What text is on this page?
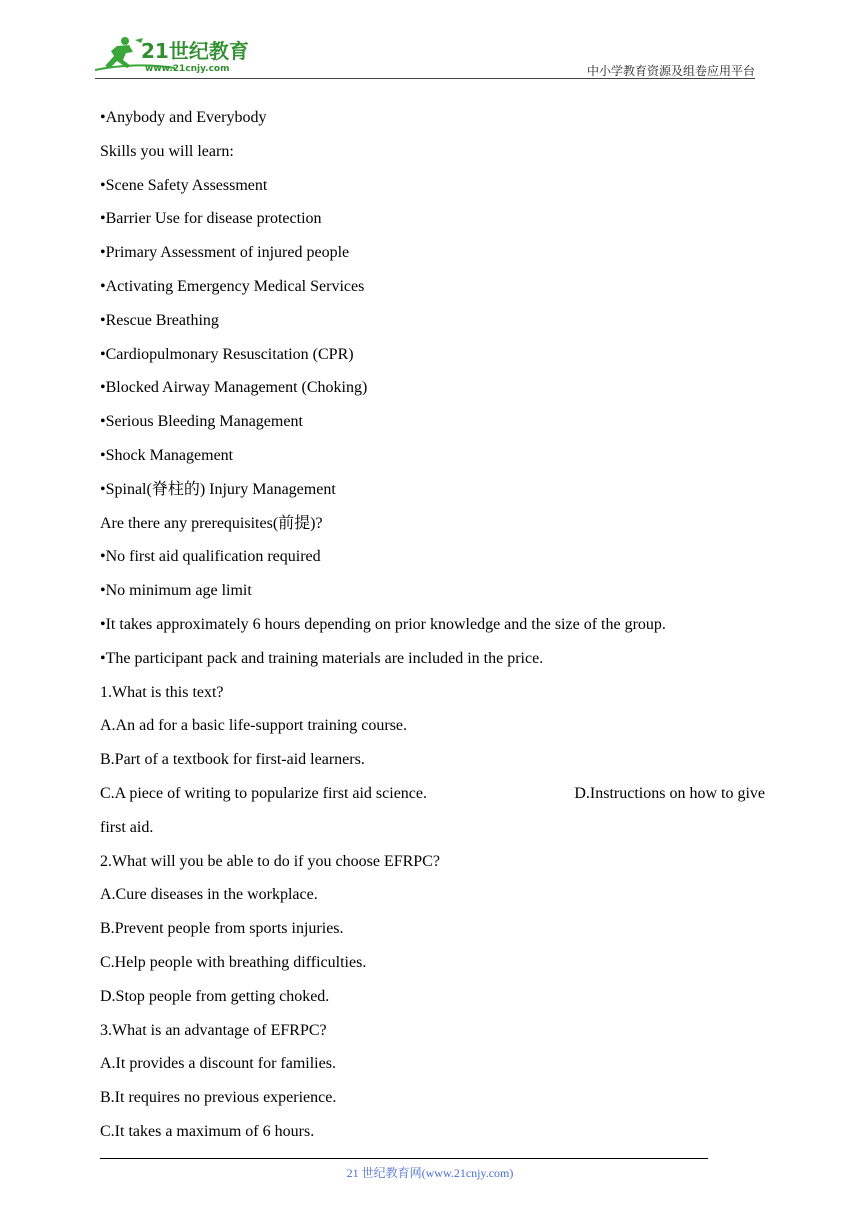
21世纪教育
www.21cnjy.com	中小学教育资源及组卷应用平台
•Anybody and Everybody
Skills you will learn:
•Scene Safety Assessment
•Barrier Use for disease protection
•Primary Assessment of injured people
•Activating Emergency Medical Services
•Rescue Breathing
•Cardiopulmonary Resuscitation (CPR)
•Blocked Airway Management (Choking)
•Serious Bleeding Management
•Shock Management
•Spinal(脊柱的) Injury Management
Are there any prerequisites(前提)?
•No first aid qualification required
•No minimum age limit
•It takes approximately 6 hours depending on prior knowledge and the size of the group.
•The participant pack and training materials are included in the price.
1.What is this text?
A.An ad for a basic life-support training course.
B.Part of a textbook for first-aid learners.
C.A piece of writing to popularize first aid science.	D.Instructions on how to give
first aid.
2.What will you be able to do if you choose EFRPC?
A.Cure diseases in the workplace.
B.Prevent people from sports injuries.
C.Help people with breathing difficulties.
D.Stop people from getting choked.
3.What is an advantage of EFRPC?
A.It provides a discount for families.
B.It requires no previous experience.
C.It takes a maximum of 6 hours.
21 世纪教育网(www.21cnjy.com)
